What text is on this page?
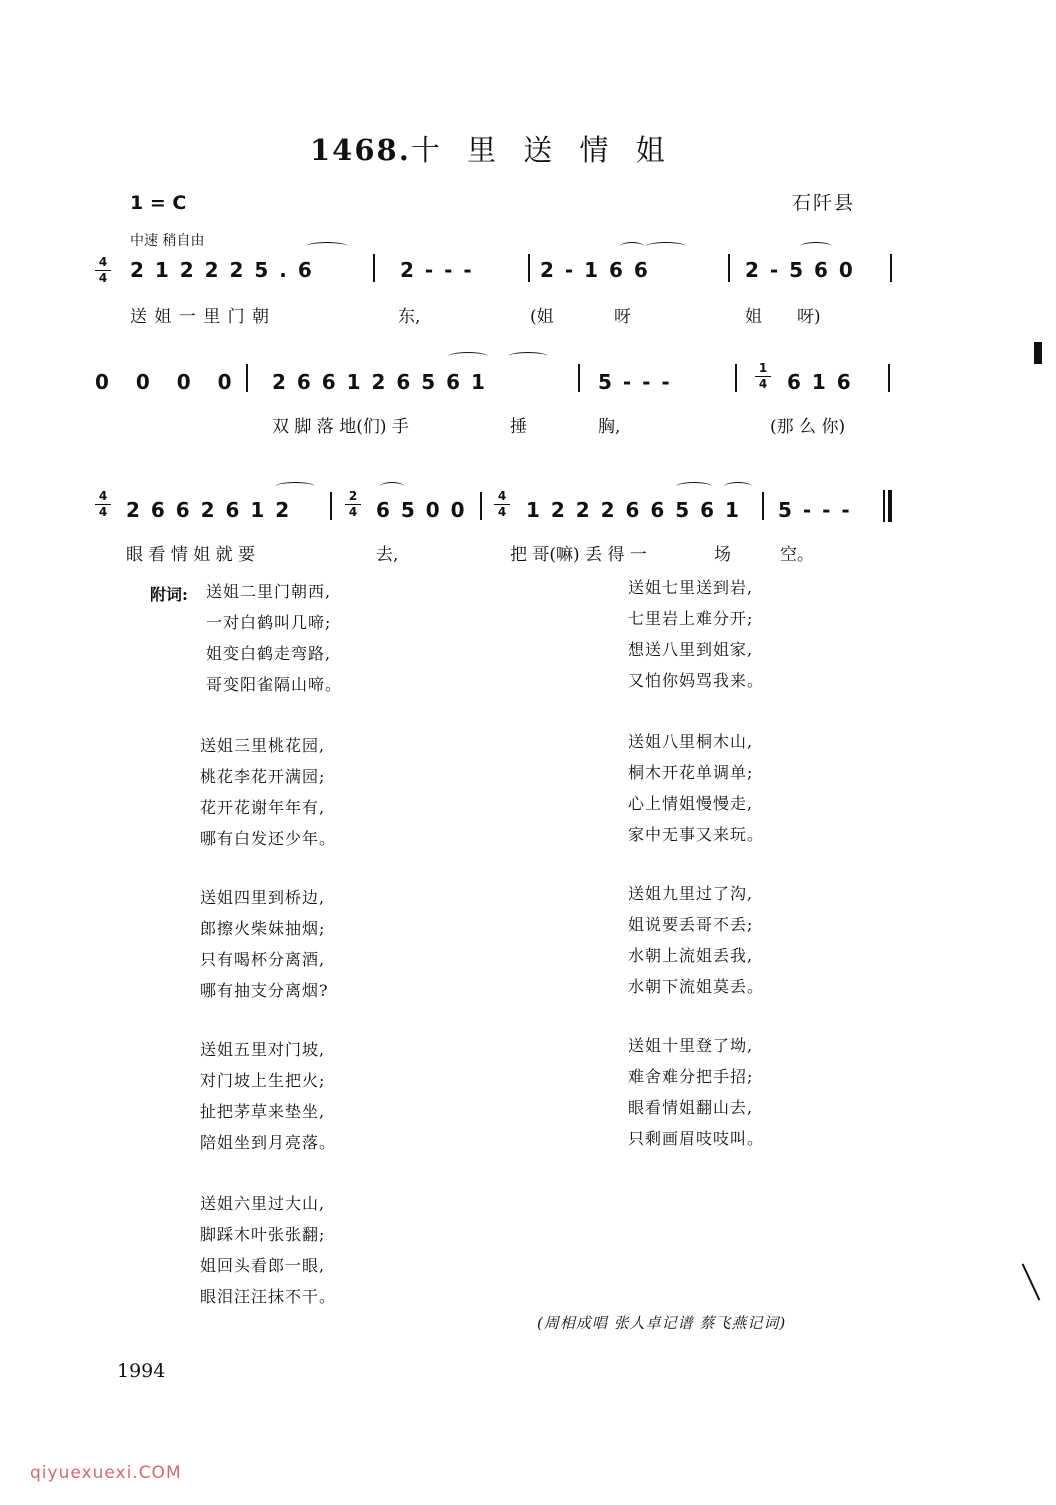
1468.十 里 送 情 姐
1 = C	石阡县
中速 稍自由
4
4 2 1 2 2 2 5 . 6	2 - - -	2 - 1 6 6	2 - 5 6 0
送 姐 一 里 门 朝	东,	(姐	呀	姐 呀)
0 0 0 0 2 6 6 1 2 6 5 6 1	5 - - -
1
4 6 1 6
双 脚 落 地(们) 手	捶	胸,	(那 么 你)
4
4 2 6 6 2 6 1 2
2
4 6 5 0 0
4
4 1 2 2 2 6 6 5 6 1 5 - - -
眼 看 情 姐 就 要	去,	把 哥(嘛) 丢 得 一	场	空。
附词: 送姐二里门朝西,
一对白鹤叫几啼;
姐变白鹤走弯路,
哥变阳雀隔山啼。
送姐三里桃花园,
桃花李花开满园;
花开花谢年年有,
哪有白发还少年。
送姐四里到桥边,
郎擦火柴妹抽烟;
只有喝杯分离酒,
哪有抽支分离烟?
送姐五里对门坡,
对门坡上生把火;
扯把茅草来垫坐,
陪姐坐到月亮落。
送姐六里过大山,
脚踩木叶张张翻;
姐回头看郎一眼,
眼泪汪汪抹不干。
送姐七里送到岩,
七里岩上难分开;
想送八里到姐家,
又怕你妈骂我来。
送姐八里桐木山,
桐木开花单调单;
心上情姐慢慢走,
家中无事又来玩。
送姐九里过了沟,
姐说要丢哥不丢;
水朝上流姐丢我,
水朝下流姐莫丢。
送姐十里登了坳,
难舍难分把手招;
眼看情姐翻山去,
只剩画眉吱吱叫。
(周相成唱 张人卓记谱 蔡飞燕记词)
1994
qiyuexuexi.COM
